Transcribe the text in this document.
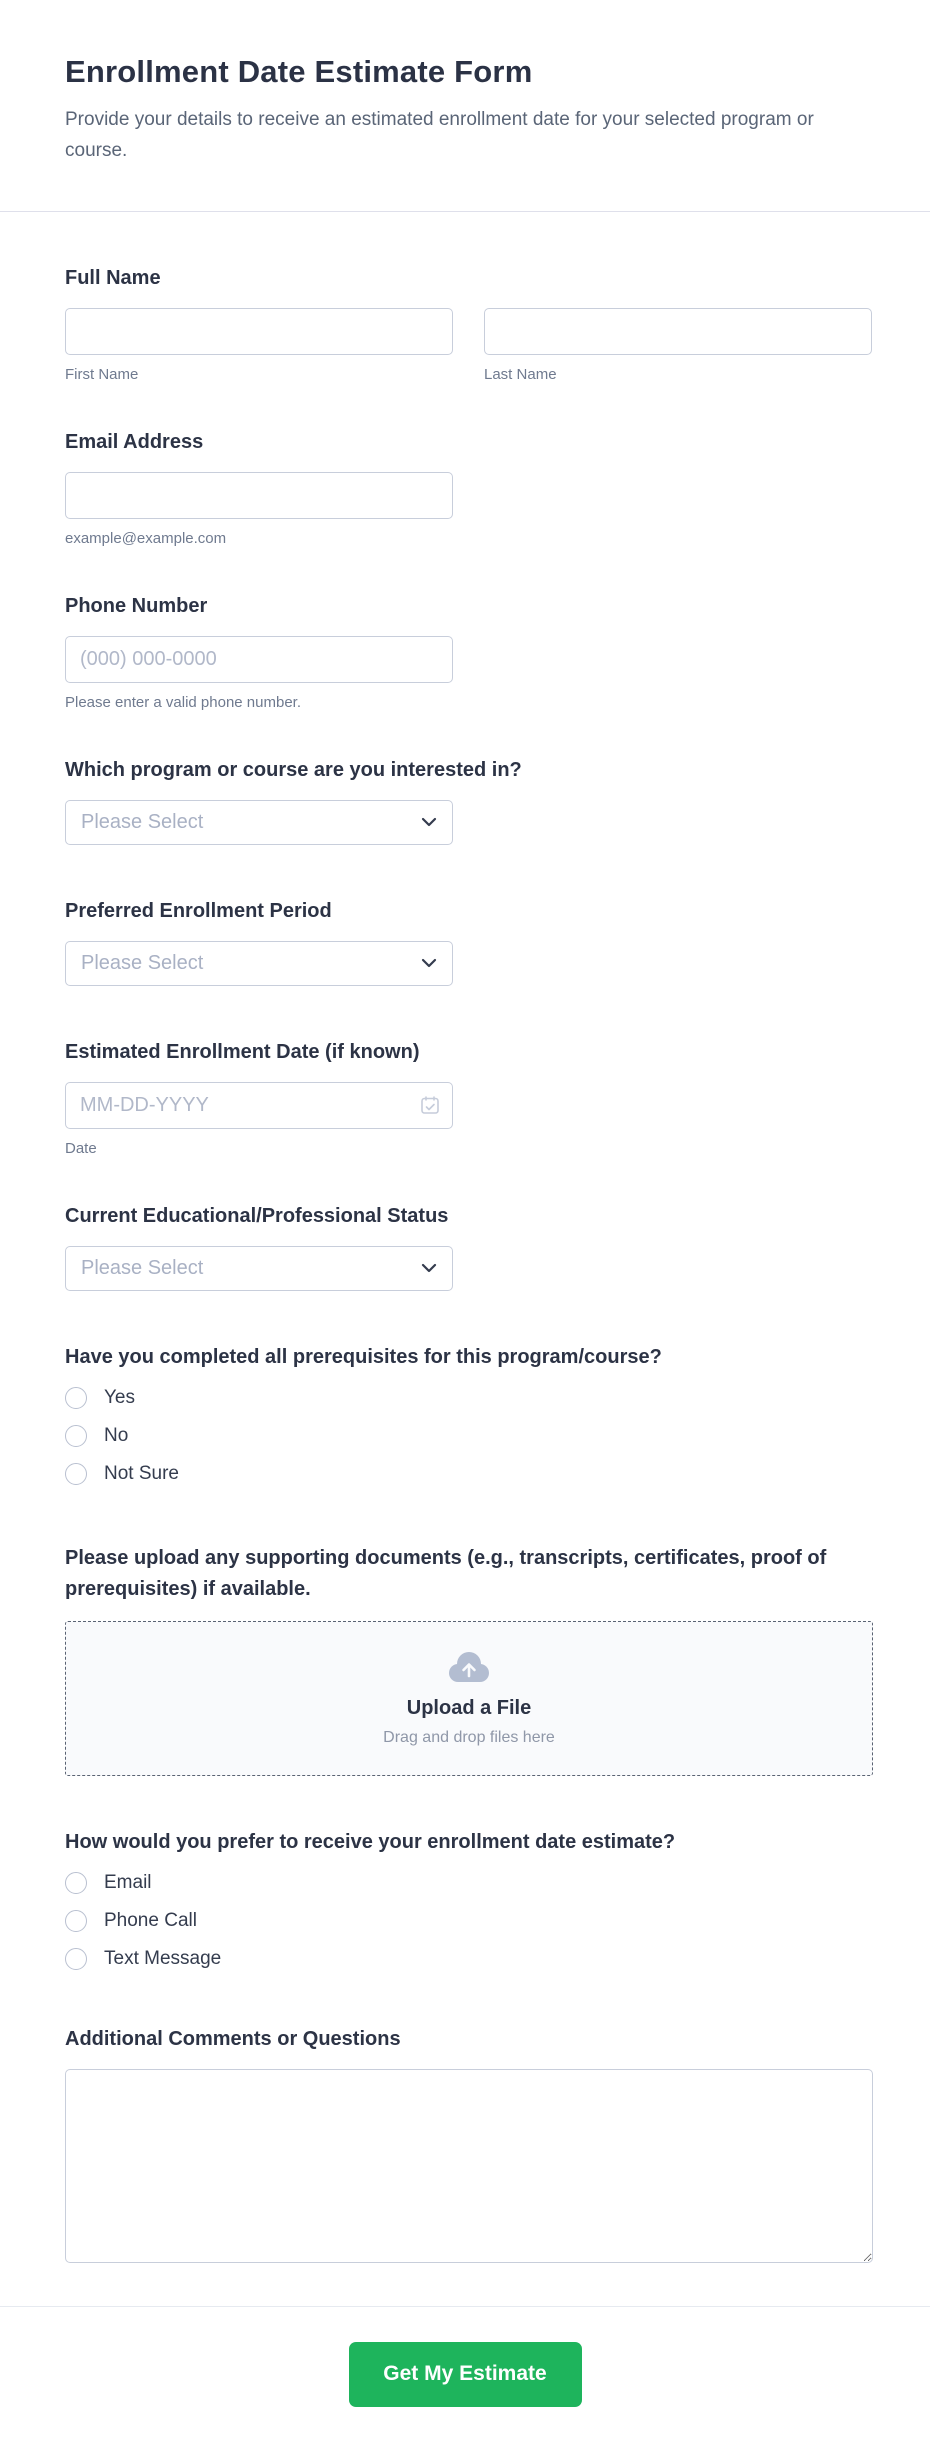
Enrollment Date Estimate Form

Provide your details to receive an estimated enrollment date for your selected program or course.

Full Name
First Name	Last Name
Email Address
example@example.com
Phone Number
(000) 000-0000
Please enter a valid phone number.
Which program or course are you interested in?
Please Select
Preferred Enrollment Period
Please Select
Estimated Enrollment Date (if known)
MM-DD-YYYY
Date
Current Educational/Professional Status
Please Select
Have you completed all prerequisites for this program/course?
Yes
No
Not Sure
Please upload any supporting documents (e.g., transcripts, certificates, proof of prerequisites) if available.
Upload a File
Drag and drop files here
How would you prefer to receive your enrollment date estimate?
Email
Phone Call
Text Message
Additional Comments or Questions
Get My Estimate
